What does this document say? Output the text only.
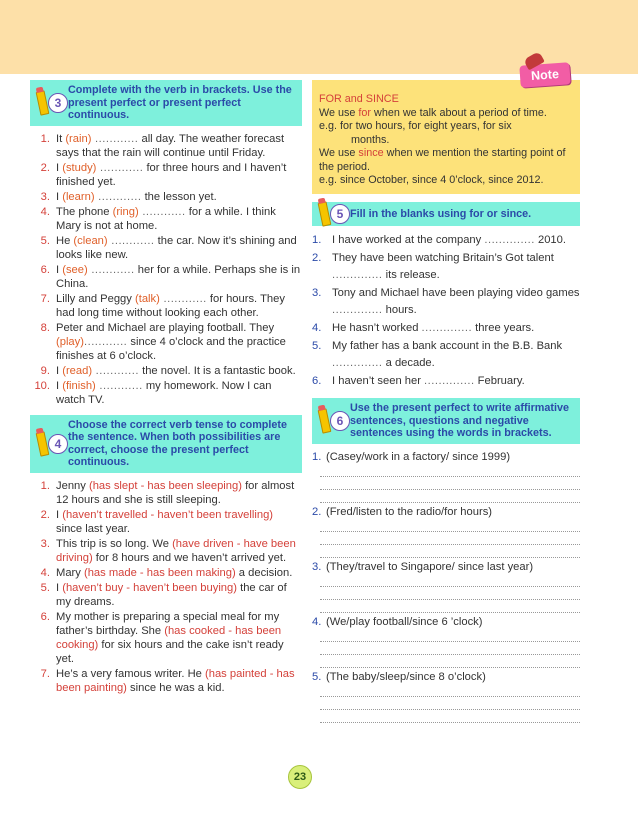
3
Complete with the verb in brackets. Use the present perfect or present perfect continuous.
1. It (rain) ............ all day. The weather forecast says that the rain will continue until Friday.
2. I (study) ............ for three hours and I haven’t finished yet.
3. I (learn) ............ the lesson yet.
4. The phone (ring) ............ for a while. I think Mary is not at home.
5. He (clean) ............ the car. Now it’s shining and looks like new.
6. I (see) ............ her for a while. Perhaps she is in China.
7. Lilly and Peggy (talk) ............ for hours. They had long time without looking each other.
8. Peter and Michael are playing football. They (play)............ since 4 o’clock and the practice finishes at 6 o’clock.
9. I (read) ............ the novel. It is a fantastic book.
10. I (finish) ............ my homework. Now I can watch TV.
4
Choose the correct verb tense to complete the sentence. When both possibilities are correct, choose the present perfect continuous.
1. Jenny (has slept - has been sleeping) for almost 12 hours and she is still sleeping.
2. I (haven’t travelled - haven’t been travelling) since last year.
3. This trip is so long. We (have driven - have been driving) for 8 hours and we haven’t arrived yet.
4. Mary (has made - has been making) a decision.
5. I (haven’t buy - haven’t been buying) the car of my dreams.
6. My mother is preparing a special meal for my father’s birthday. She (has cooked - has been cooking) for six hours and the cake isn’t ready yet.
7. He’s a very famous writer. He (has painted - has been painting) since he was a kid.
Note
FOR and SINCE
We use for when we talk about a period of time.
e.g. for two hours, for eight years, for six
months.
We use since when we mention the starting point of the period.
e.g. since October, since 4 0’clock, since 2012.
5 Fill in the blanks using for or since.
1. I have worked at the company .............. 2010.
2. They have been watching Britain’s Got talent .............. its release.
3. Tony and Michael have been playing video games .............. hours.
4. He hasn’t worked .............. three years.
5. My father has a bank account in the B.B. Bank .............. a decade.
6. I haven’t seen her .............. February.
6
Use the present perfect to write affirmative sentences, questions and negative sentences using the words in brackets.
1. (Casey/work in a factory/ since 1999)
2. (Fred/listen to the radio/for hours)
3. (They/travel to Singapore/ since last year)
4. (We/play football/since 6 ’clock)
5. (The baby/sleep/since 8 o’clock)
23
